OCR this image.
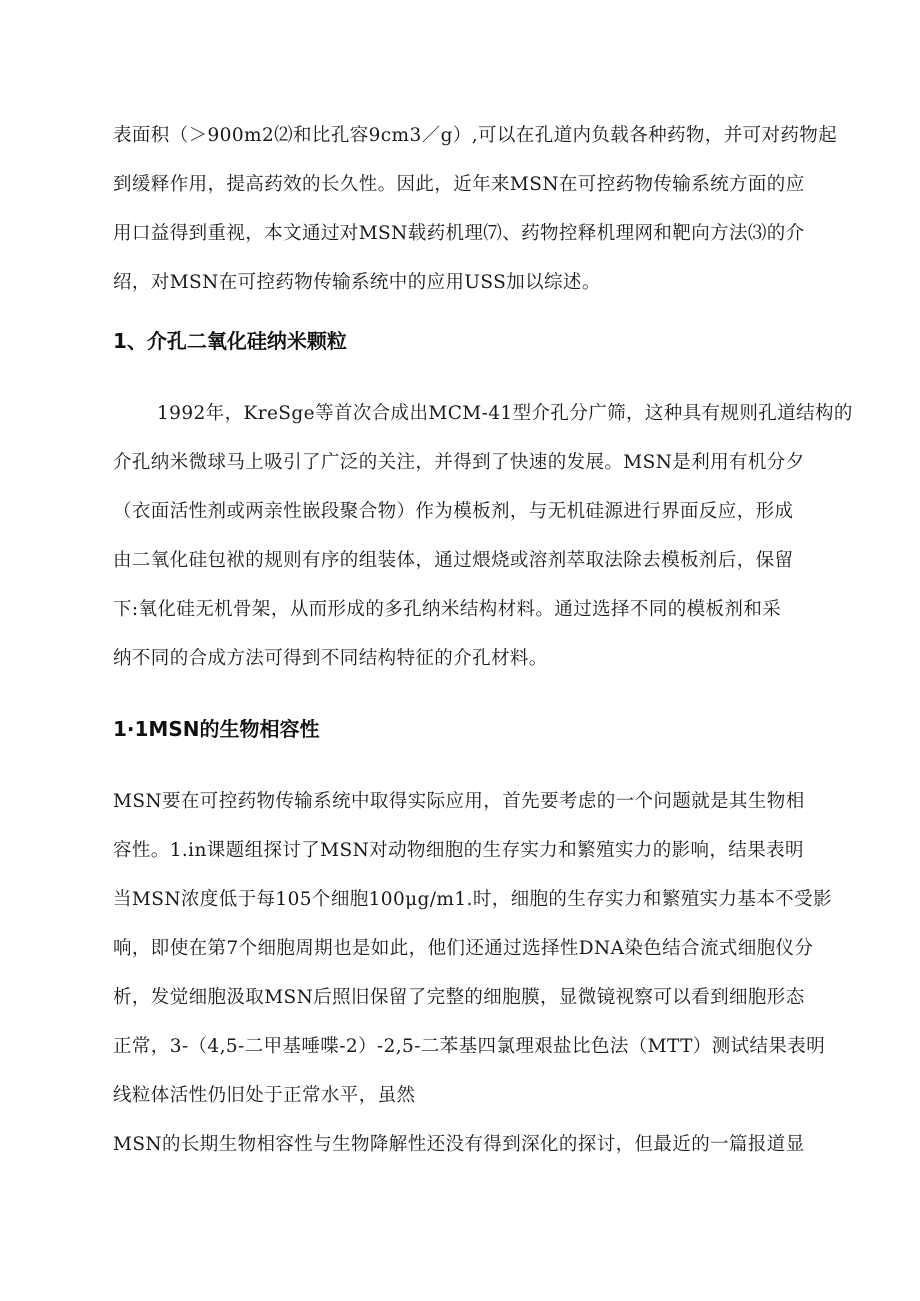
表面积（＞900m2⑵和比孔容9cm3／g）,可以在孔道内负载各种药物，并可对药物起
到缓释作用，提高药效的长久性。因此，近年来MSN在可控药物传输系统方面的应
用口益得到重视，本文通过对MSN载药机理⑺、药物控释机理网和靶向方法⑶的介
绍，对MSN在可控药物传输系统中的应用USS加以综述。
1、介孔二氧化硅纳米颗粒
1992年，KreSge等首次合成出MCM-41型介孔分广筛，这种具有规则孔道结构的
介孔纳米微球马上吸引了广泛的关注，并得到了快速的发展。MSN是利用有机分夕
（衣面活性剂或两亲性嵌段聚合物）作为模板剂，与无机硅源进行界面反应，形成
由二氧化硅包袱的规则有序的组装体，通过煨烧或溶剂萃取法除去模板剂后，保留
下:氧化硅无机骨架，从而形成的多孔纳米结构材料。通过选择不同的模板剂和采
纳不同的合成方法可得到不同结构特征的介孔材料。
1·1MSN的生物相容性
MSN要在可控药物传输系统中取得实际应用，首先要考虑的一个问题就是其生物相
容性。1.in课题组探讨了MSN对动物细胞的生存实力和繁殖实力的影响，结果表明
当MSN浓度低于每105个细胞100μg/m1.时，细胞的生存实力和繁殖实力基本不受影
响，即使在第7个细胞周期也是如此，他们还通过选择性DNA染色结合流式细胞仪分
析，发觉细胞汲取MSN后照旧保留了完整的细胞膜，显微镜视察可以看到细胞形态
正常，3-（4,5-二甲基唾喋-2）-2,5-二苯基四氯理艰盐比色法（MTT）测试结果表明
线粒体活性仍旧处于正常水平，虽然
MSN的长期生物相容性与生物降解性还没有得到深化的探讨，但最近的一篇报道显
